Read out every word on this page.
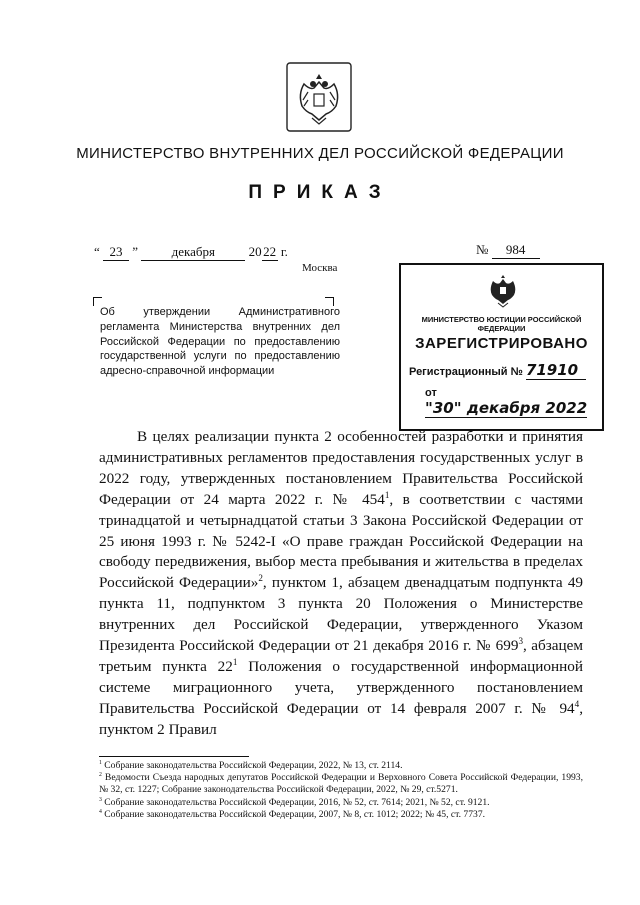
МИНИСТЕРСТВО ВНУТРЕННИХ ДЕЛ РОССИЙСКОЙ ФЕДЕРАЦИИ
ПРИКАЗ
“ 23 ”	декабря	20 22 г.
Москва
№ 984
Об утверждении Административного регламента Министерства внутренних дел Российской Федерации по предоставлению государственной услуги по предоставлению адресно-справочной информации
МИНИСТЕРСТВО ЮСТИЦИИ РОССИЙСКОЙ ФЕДЕРАЦИИ
ЗАРЕГИСТРИРОВАНО
Регистрационный № 71910
от "30" декабря 2022
В целях реализации пункта 2 особенностей разработки и принятия административных регламентов предоставления государственных услуг в 2022 году, утвержденных постановлением Правительства Российской Федерации от 24 марта 2022 г. № $454^1$, в соответствии с частями тринадцатой и четырнадцатой статьи 3 Закона Российской Федерации от 25 июня 1993 г. № 5242-I «О праве граждан Российской Федерации на свободу передвижения, выбор места пребывания и жительства в пределах Российской Федерации»$^2$, пунктом 1, абзацем двенадцатым подпункта 49 пункта 11, подпунктом 3 пункта 20 Положения о Министерстве внутренних дел Российской Федерации, утвержденного Указом Президента Российской Федерации от 21 декабря 2016 г. № $699^3$, абзацем третьим пункта $22^1$ Положения о государственной информационной системе миграционного учета, утвержденного постановлением Правительства Российской Федерации от 14 февраля 2007 г. № $94^4$, пунктом 2 Правил

$^1$ Собрание законодательства Российской Федерации, 2022, № 13, ст. 2114.

$^2$ Ведомости Съезда народных депутатов Российской Федерации и Верховного Совета Российской Федерации, 1993, № 32, ст. 1227; Собрание законодательства Российской Федерации, 2022, № 29, ст.5271.

$^3$ Собрание законодательства Российской Федерации, 2016, № 52, ст. 7614; 2021, № 52, ст. 9121.

$^4$ Собрание законодательства Российской Федерации, 2007, № 8, ст. 1012; 2022; № 45, ст. 7737.
